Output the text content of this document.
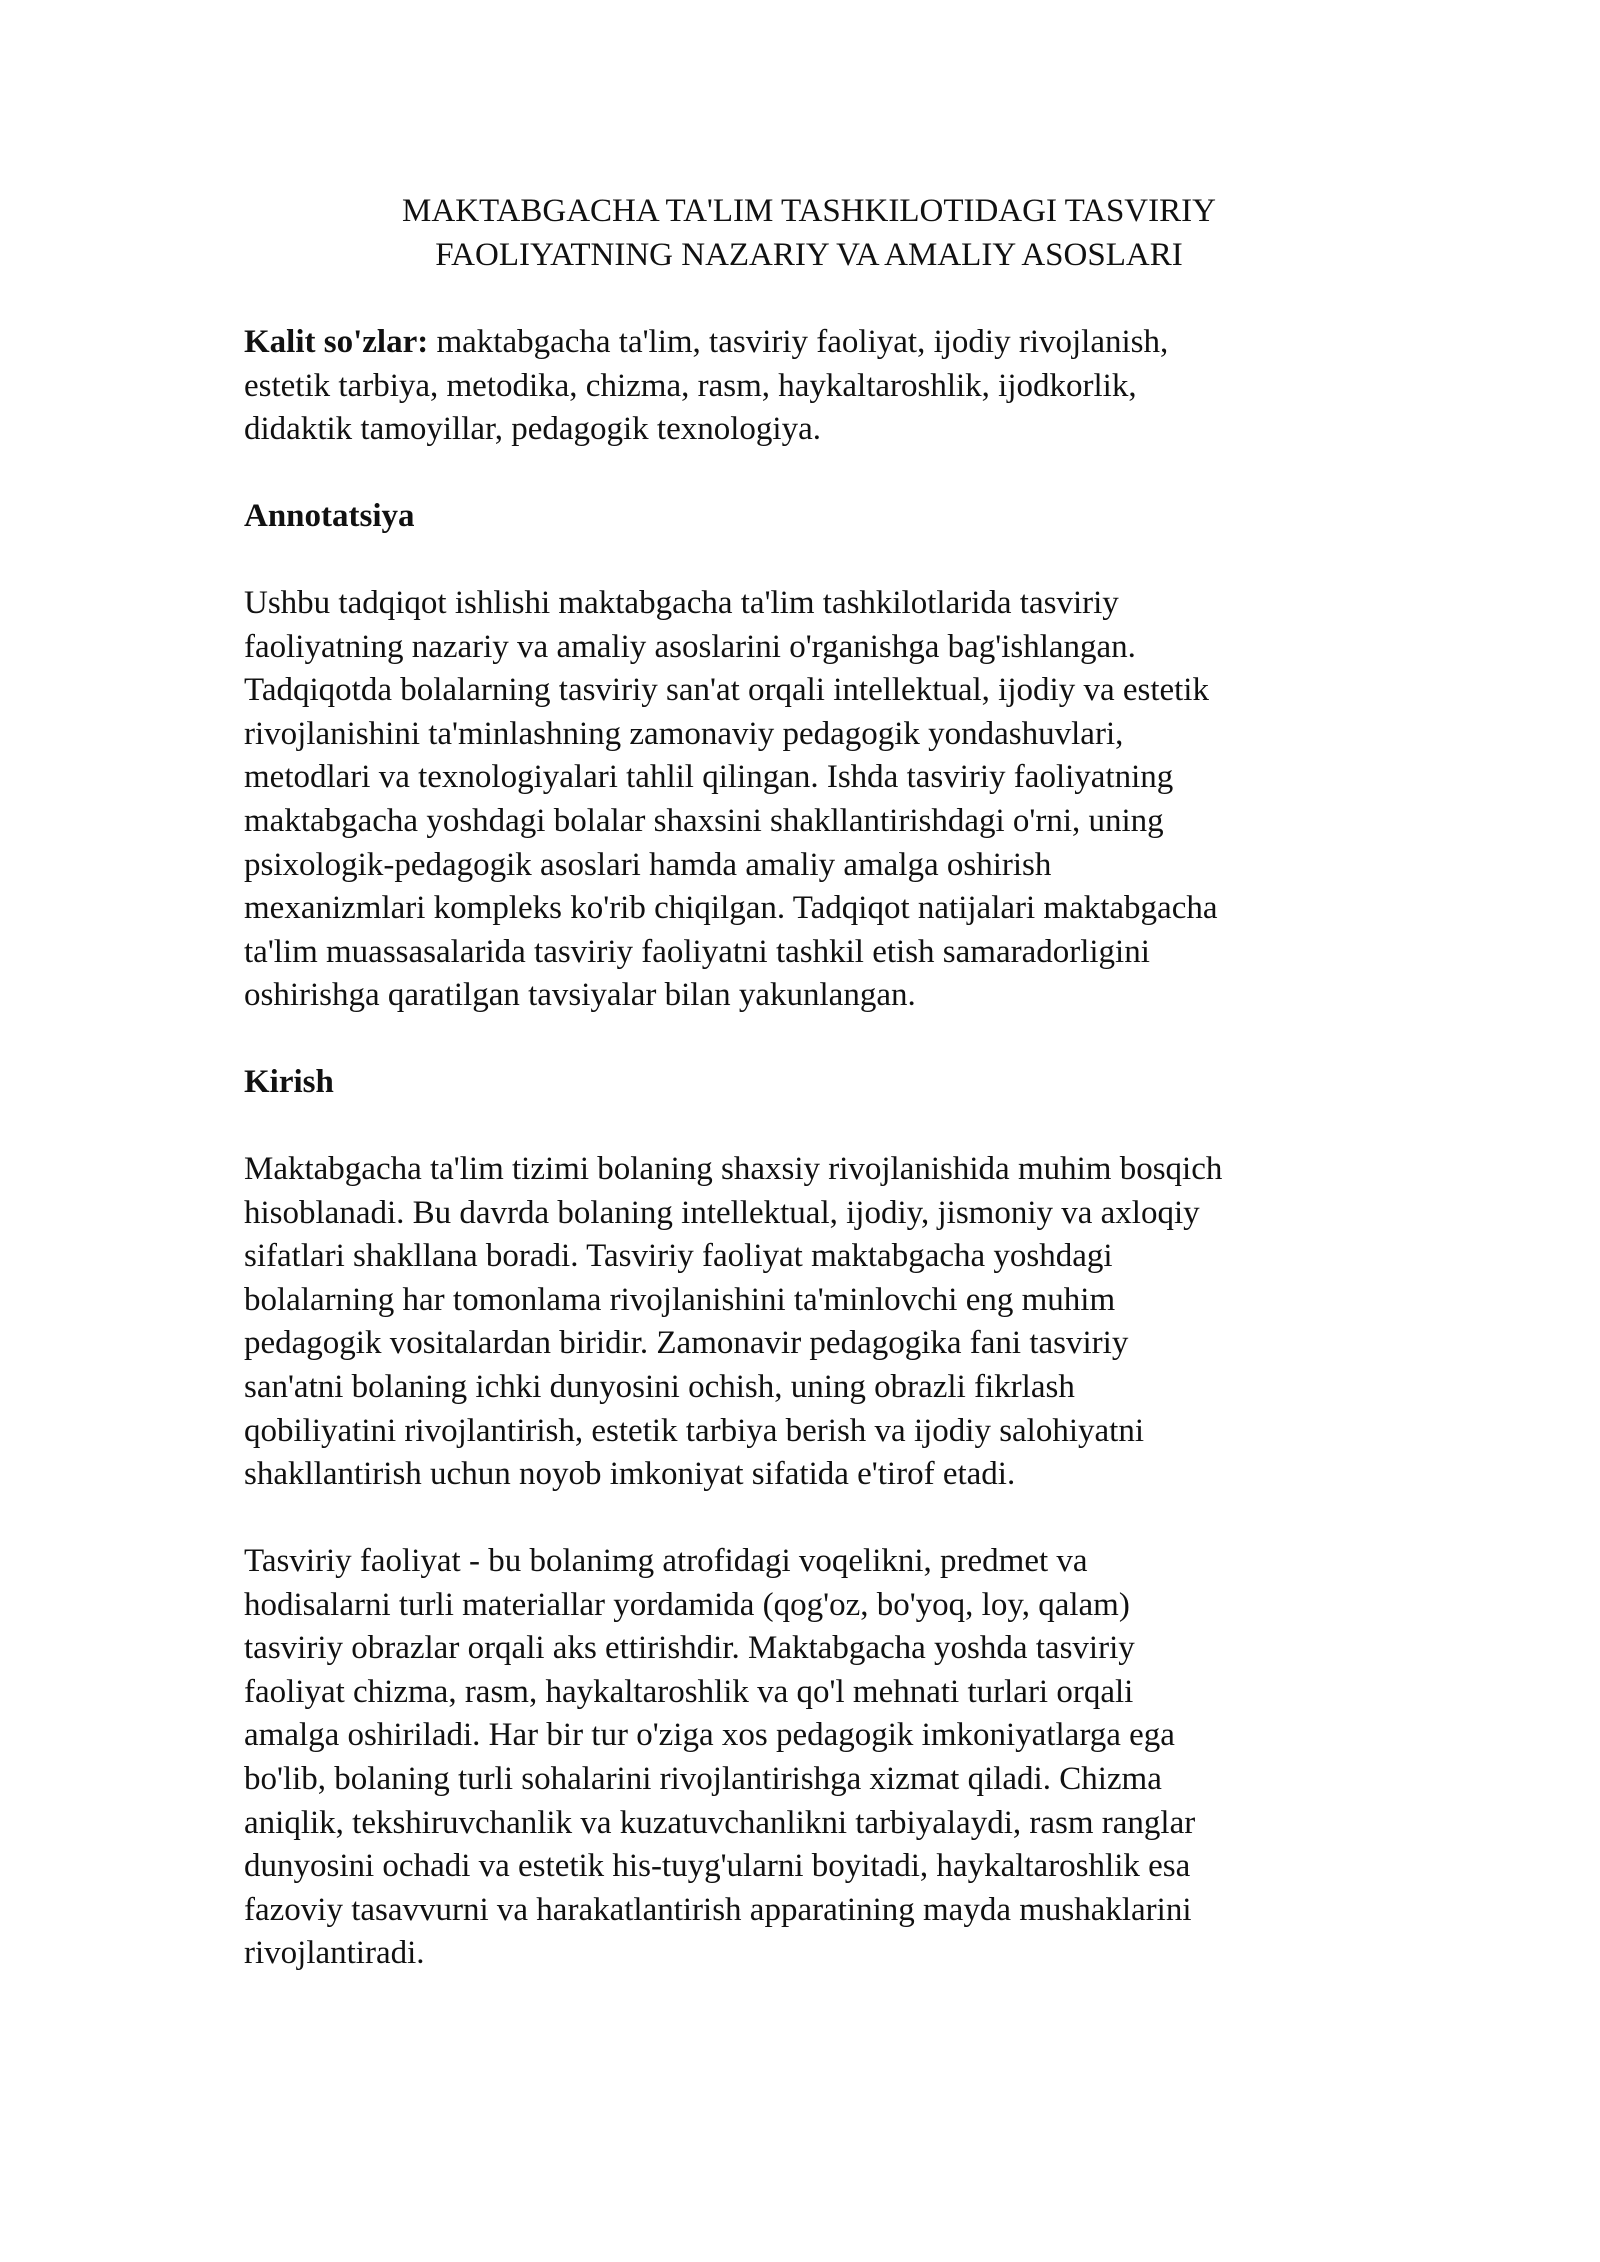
MAKTABGACHA TA'LIM TASHKILOTIDAGI TASVIRIY
FAOLIYATNING NAZARIY VA AMALIY ASOSLARI
Kalit so'zlar: maktabgacha ta'lim, tasviriy faoliyat, ijodiy rivojlanish,
estetik tarbiya, metodika, chizma, rasm, haykaltaroshlik, ijodkorlik,
didaktik tamoyillar, pedagogik texnologiya.
Annotatsiya
Ushbu tadqiqot ishlishi maktabgacha ta'lim tashkilotlarida tasviriy
faoliyatning nazariy va amaliy asoslarini o'rganishga bag'ishlangan.
Tadqiqotda bolalarning tasviriy san'at orqali intellektual, ijodiy va estetik
rivojlanishini ta'minlashning zamonaviy pedagogik yondashuvlari,
metodlari va texnologiyalari tahlil qilingan. Ishda tasviriy faoliyatning
maktabgacha yoshdagi bolalar shaxsini shakllantirishdagi o'rni, uning
psixologik-pedagogik asoslari hamda amaliy amalga oshirish
mexanizmlari kompleks ko'rib chiqilgan. Tadqiqot natijalari maktabgacha
ta'lim muassasalarida tasviriy faoliyatni tashkil etish samaradorligini
oshirishga qaratilgan tavsiyalar bilan yakunlangan.
Kirish
Maktabgacha ta'lim tizimi bolaning shaxsiy rivojlanishida muhim bosqich
hisoblanadi. Bu davrda bolaning intellektual, ijodiy, jismoniy va axloqiy
sifatlari shakllana boradi. Tasviriy faoliyat maktabgacha yoshdagi
bolalarning har tomonlama rivojlanishini ta'minlovchi eng muhim
pedagogik vositalardan biridir. Zamonavir pedagogika fani tasviriy
san'atni bolaning ichki dunyosini ochish, uning obrazli fikrlash
qobiliyatini rivojlantirish, estetik tarbiya berish va ijodiy salohiyatni
shakllantirish uchun noyob imkoniyat sifatida e'tirof etadi.
Tasviriy faoliyat - bu bolanimg atrofidagi voqelikni, predmet va
hodisalarni turli materiallar yordamida (qog'oz, bo'yoq, loy, qalam)
tasviriy obrazlar orqali aks ettirishdir. Maktabgacha yoshda tasviriy
faoliyat chizma, rasm, haykaltaroshlik va qo'l mehnati turlari orqali
amalga oshiriladi. Har bir tur o'ziga xos pedagogik imkoniyatlarga ega
bo'lib, bolaning turli sohalarini rivojlantirishga xizmat qiladi. Chizma
aniqlik, tekshiruvchanlik va kuzatuvchanlikni tarbiyalaydi, rasm ranglar
dunyosini ochadi va estetik his-tuyg'ularni boyitadi, haykaltaroshlik esa
fazoviy tasavvurni va harakatlantirish apparatining mayda mushaklarini
rivojlantiradi.
